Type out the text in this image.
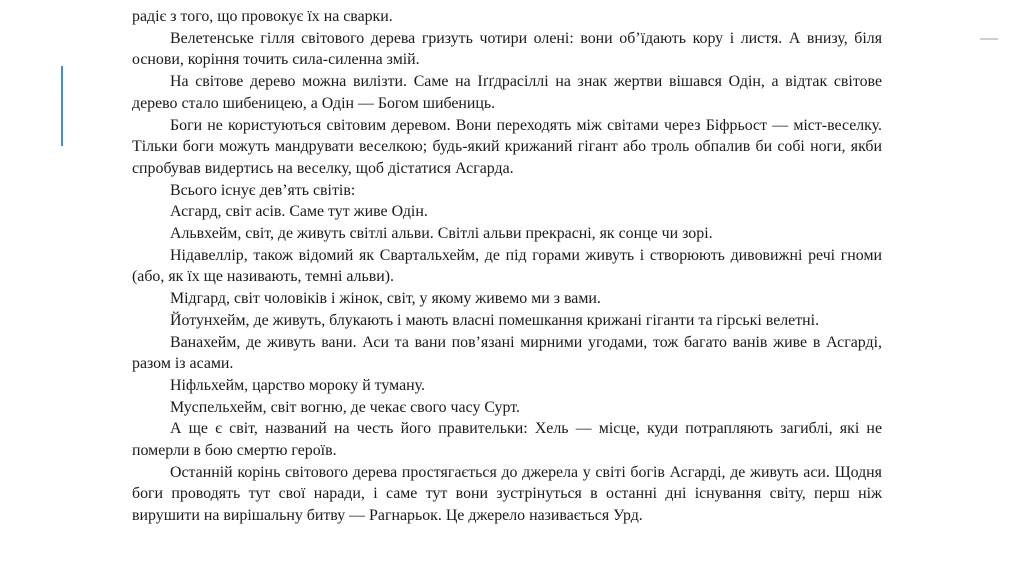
радіє з того, що провокує їх на сварки.

Велетенське гілля світового дерева гризуть чотири олені: вони об’їдають кору і листя. А внизу, біля основи, коріння точить сила-силенна змій.

На світове дерево можна вилізти. Саме на Іґґдрасіллі на знак жертви вішався Одін, а відтак світове дерево стало шибеницею, а Одін — Богом шибениць.

Боги не користуються світовим деревом. Вони переходять між світами через Біфрьост — міст-веселку. Тільки боги можуть мандрувати веселкою; будь-який крижаний гігант або троль обпалив би собі ноги, якби спробував видертись на веселку, щоб дістатися Асгарда.

Всього існує дев’ять світів:

Асгард, світ асів. Саме тут живе Одін.

Альвхейм, світ, де живуть світлі альви. Світлі альви прекрасні, як сонце чи зорі.

Нідавеллір, також відомий як Свартальхейм, де під горами живуть і створюють дивовижні речі гноми (або, як їх ще називають, темні альви).

Мідгард, світ чоловіків і жінок, світ, у якому живемо ми з вами.

Йотунхейм, де живуть, блукають і мають власні помешкання крижані гіганти та гірські велетні.

Ванахейм, де живуть вани. Аси та вани пов’язані мирними угодами, тож багато ванів живе в Асгарді, разом із асами.

Ніфльхейм, царство мороку й туману.

Муспельхейм, світ вогню, де чекає свого часу Сурт.

А ще є світ, названий на честь його правительки: Хель — місце, куди потрапляють загиблі, які не померли в бою смертю героїв.

Останній корінь світового дерева простягається до джерела у світі богів Асгарді, де живуть аси. Щодня боги проводять тут свої наради, і саме тут вони зустрінуться в останні дні існування світу, перш ніж вирушити на вирішальну битву — Рагнарьок. Це джерело називається Урд.
